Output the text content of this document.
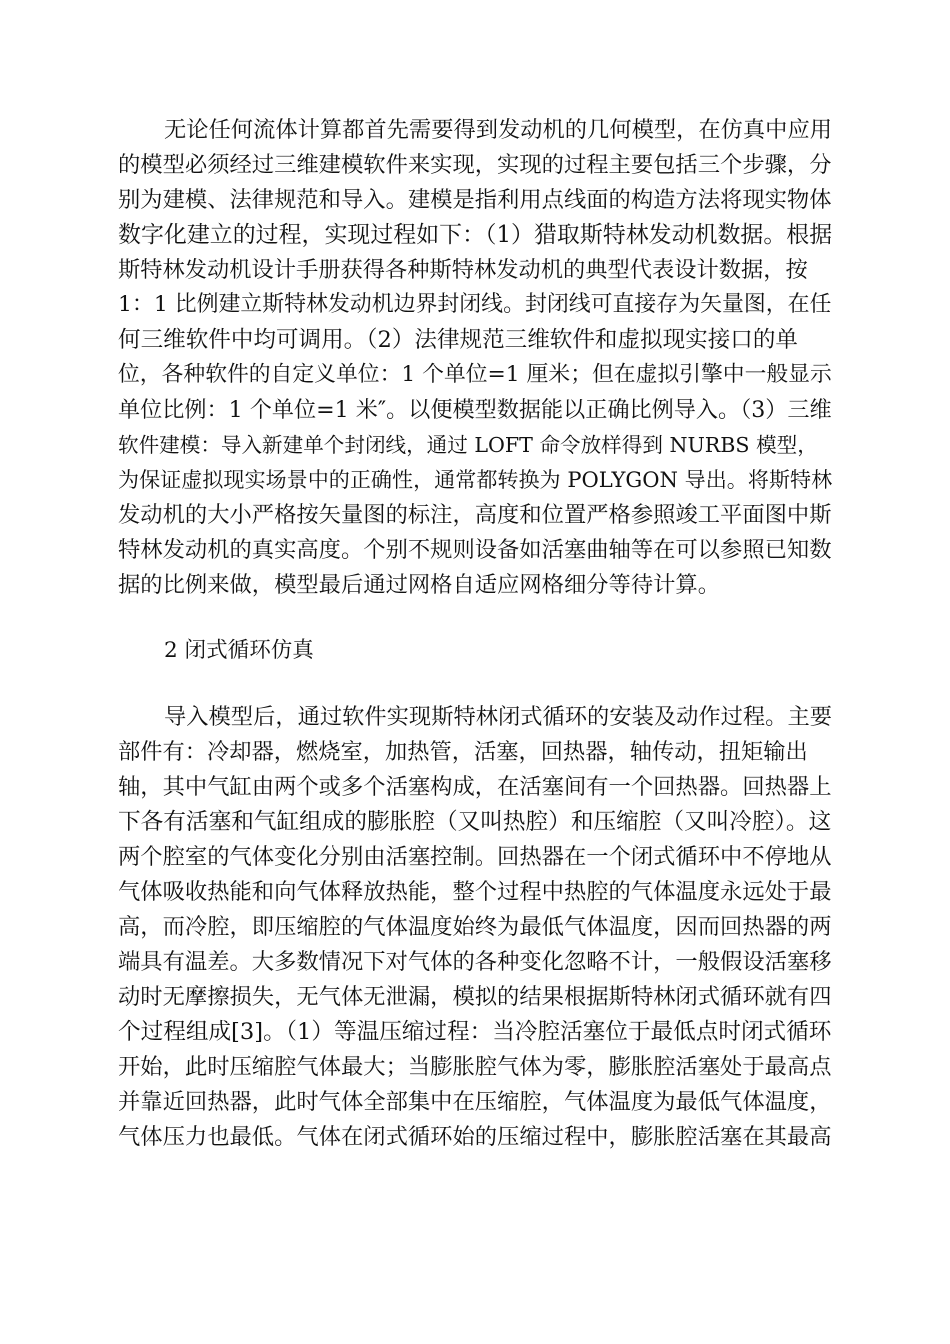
无论任何流体计算都首先需要得到发动机的几何模型，在仿真中应用
的模型必须经过三维建模软件来实现，实现的过程主要包括三个步骤，分
别为建模、法律规范和导入。建模是指利用点线面的构造方法将现实物体
数字化建立的过程，实现过程如下：（1）猎取斯特林发动机数据。根据
斯特林发动机设计手册获得各种斯特林发动机的典型代表设计数据，按
1：1 比例建立斯特林发动机边界封闭线。封闭线可直接存为矢量图，在任
何三维软件中均可调用。（2）法律规范三维软件和虚拟现实接口的单
位，各种软件的自定义单位：1 个单位=1 厘米；但在虚拟引擎中一般显示
单位比例：1 个单位=1 米″。以便模型数据能以正确比例导入。（3）三维
软件建模：导入新建单个封闭线，通过 LOFT 命令放样得到 NURBS 模型，
为保证虚拟现实场景中的正确性，通常都转换为 POLYGON 导出。将斯特林
发动机的大小严格按矢量图的标注，高度和位置严格参照竣工平面图中斯
特林发动机的真实高度。个别不规则设备如活塞曲轴等在可以参照已知数
据的比例来做，模型最后通过网格自适应网格细分等待计算。
2 闭式循环仿真
导入模型后，通过软件实现斯特林闭式循环的安装及动作过程。主要
部件有：冷却器，燃烧室，加热管，活塞，回热器，轴传动，扭矩输出
轴，其中气缸由两个或多个活塞构成，在活塞间有一个回热器。回热器上
下各有活塞和气缸组成的膨胀腔（又叫热腔）和压缩腔（又叫冷腔）。这
两个腔室的气体变化分别由活塞控制。回热器在一个闭式循环中不停地从
气体吸收热能和向气体释放热能，整个过程中热腔的气体温度永远处于最
高，而冷腔，即压缩腔的气体温度始终为最低气体温度，因而回热器的两
端具有温差。大多数情况下对气体的各种变化忽略不计，一般假设活塞移
动时无摩擦损失，无气体无泄漏，模拟的结果根据斯特林闭式循环就有四
个过程组成[3]。（1）等温压缩过程：当冷腔活塞位于最低点时闭式循环
开始，此时压缩腔气体最大；当膨胀腔气体为零，膨胀腔活塞处于最高点
并靠近回热器，此时气体全部集中在压缩腔，气体温度为最低气体温度，
气体压力也最低。气体在闭式循环始的压缩过程中，膨胀腔活塞在其最高
